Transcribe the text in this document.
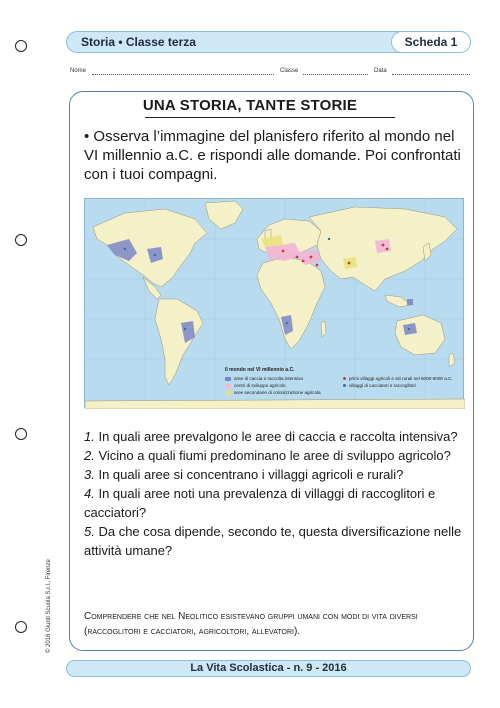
Storia • Classe terza	Scheda 1
Nome	Classe	Data
UNA STORIA, TANTE STORIE
• Osserva l’immagine del planisfero riferito al mondo nel VI millennio a.C. e rispondi alle domande. Poi confrontati con i tuoi compagni.
Il mondo nel VI millennio a.C.
aree di caccia e raccolta intensiva
centri di sviluppo agricolo
aree secondarie di colonizzazione agricola
primi villaggi agricoli e siti rurali nel 6000-5000 a.C.
villaggi di cacciatori e raccoglitori
1. In quali aree prevalgono le aree di caccia e raccolta intensiva?
2. Vicino a quali fiumi predominano le aree di sviluppo agricolo?
3. In quali aree si concentrano i villaggi agricoli e rurali?
4. In quali aree noti una prevalenza di villaggi di raccoglitori e cacciatori?
5. Da che cosa dipende, secondo te, questa diversificazione nelle attività umane?
Comprendere che nel Neolitico esistevano gruppi umani con modi di vita diversi (raccoglitori e cacciatori, agricoltori, allevatori).
© 2016 Giunti Scuola S.r.l., Firenze
La Vita Scolastica - n. 9 - 2016
